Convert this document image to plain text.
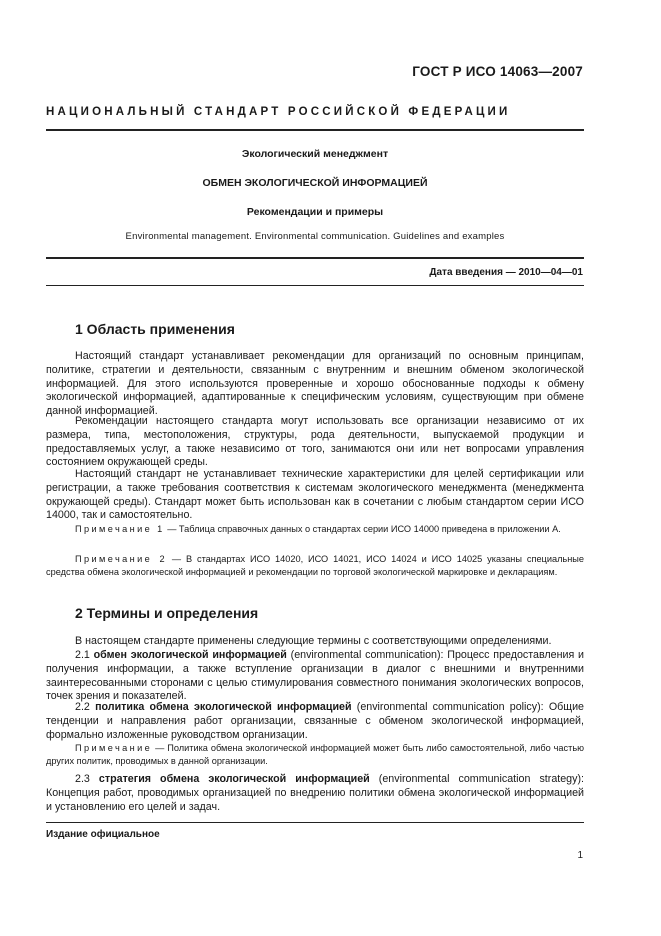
ГОСТ Р ИСО 14063—2007
НАЦИОНАЛЬНЫЙ СТАНДАРТ РОССИЙСКОЙ ФЕДЕРАЦИИ
Экологический менеджмент
ОБМЕН ЭКОЛОГИЧЕСКОЙ ИНФОРМАЦИЕЙ
Рекомендации и примеры
Environmental management. Environmental communication. Guidelines and examples
Дата введения — 2010—04—01
1 Область применения
Настоящий стандарт устанавливает рекомендации для организаций по основным принципам, политике, стратегии и деятельности, связанным с внутренним и внешним обменом экологической информацией. Для этого используются проверенные и хорошо обоснованные подходы к обмену экологической информацией, адаптированные к специфическим условиям, существующим при обмене данной информацией.
Рекомендации настоящего стандарта могут использовать все организации независимо от их размера, типа, местоположения, структуры, рода деятельности, выпускаемой продукции и предоставляемых услуг, а также независимо от того, занимаются они или нет вопросами управления состоянием окружающей среды.
Настоящий стандарт не устанавливает технические характеристики для целей сертификации или регистрации, а также требования соответствия к системам экологического менеджмента (менеджмента окружающей среды). Стандарт может быть использован как в сочетании с любым стандартом серии ИСО 14000, так и самостоятельно.
Примечание 1 — Таблица справочных данных о стандартах серии ИСО 14000 приведена в приложении А.
Примечание 2 — В стандартах ИСО 14020, ИСО 14021, ИСО 14024 и ИСО 14025 указаны специальные средства обмена экологической информацией и рекомендации по торговой экологической маркировке и декларациям.
2 Термины и определения
В настоящем стандарте применены следующие термины с соответствующими определениями.
2.1 обмен экологической информацией (environmental communication): Процесс предоставления и получения информации, а также вступление организации в диалог с внешними и внутренними заинтересованными сторонами с целью стимулирования совместного понимания экологических вопросов, точек зрения и показателей.
2.2 политика обмена экологической информацией (environmental communication policy): Общие тенденции и направления работ организации, связанные с обменом экологической информацией, формально изложенные руководством организации.
Примечание — Политика обмена экологической информацией может быть либо самостоятельной, либо частью других политик, проводимых в данной организации.
2.3 стратегия обмена экологической информацией (environmental communication strategy): Концепция работ, проводимых организацией по внедрению политики обмена экологической информацией и установлению его целей и задач.
Издание официальное
1
